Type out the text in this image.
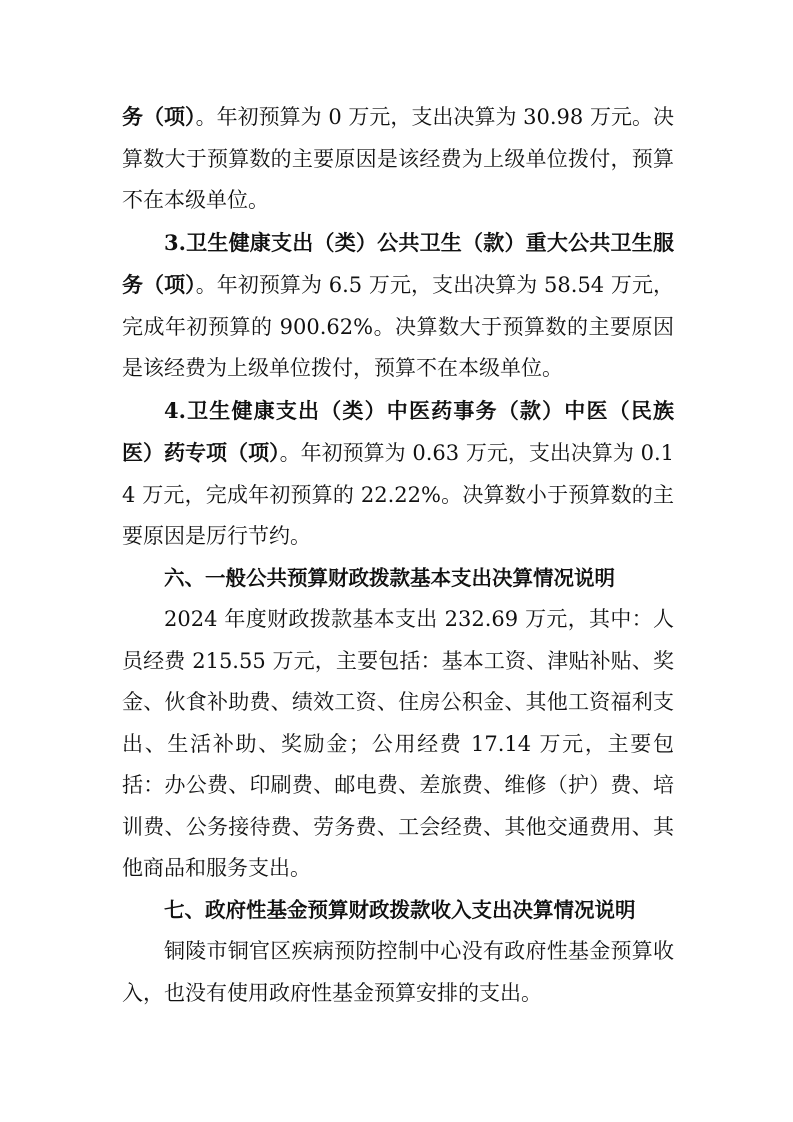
务（项）。年初预算为 0 万元，支出决算为 30.98 万元。决算数大于预算数的主要原因是该经费为上级单位拨付，预算不在本级单位。

3.卫生健康支出（类）公共卫生（款）重大公共卫生服务（项）。年初预算为 6.5 万元，支出决算为 58.54 万元，完成年初预算的 900.62%。决算数大于预算数的主要原因是该经费为上级单位拨付，预算不在本级单位。

4.卫生健康支出（类）中医药事务（款）中医（民族医）药专项（项）。年初预算为 0.63 万元，支出决算为 0.14 万元，完成年初预算的 22.22%。决算数小于预算数的主要原因是厉行节约。

六、一般公共预算财政拨款基本支出决算情况说明

2024 年度财政拨款基本支出 232.69 万元，其中：人员经费 215.55 万元，主要包括：基本工资、津贴补贴、奖金、伙食补助费、绩效工资、住房公积金、其他工资福利支出、生活补助、奖励金；公用经费 17.14 万元，主要包括：办公费、印刷费、邮电费、差旅费、维修（护）费、培训费、公务接待费、劳务费、工会经费、其他交通费用、其他商品和服务支出。

七、政府性基金预算财政拨款收入支出决算情况说明

铜陵市铜官区疾病预防控制中心没有政府性基金预算收入，也没有使用政府性基金预算安排的支出。
